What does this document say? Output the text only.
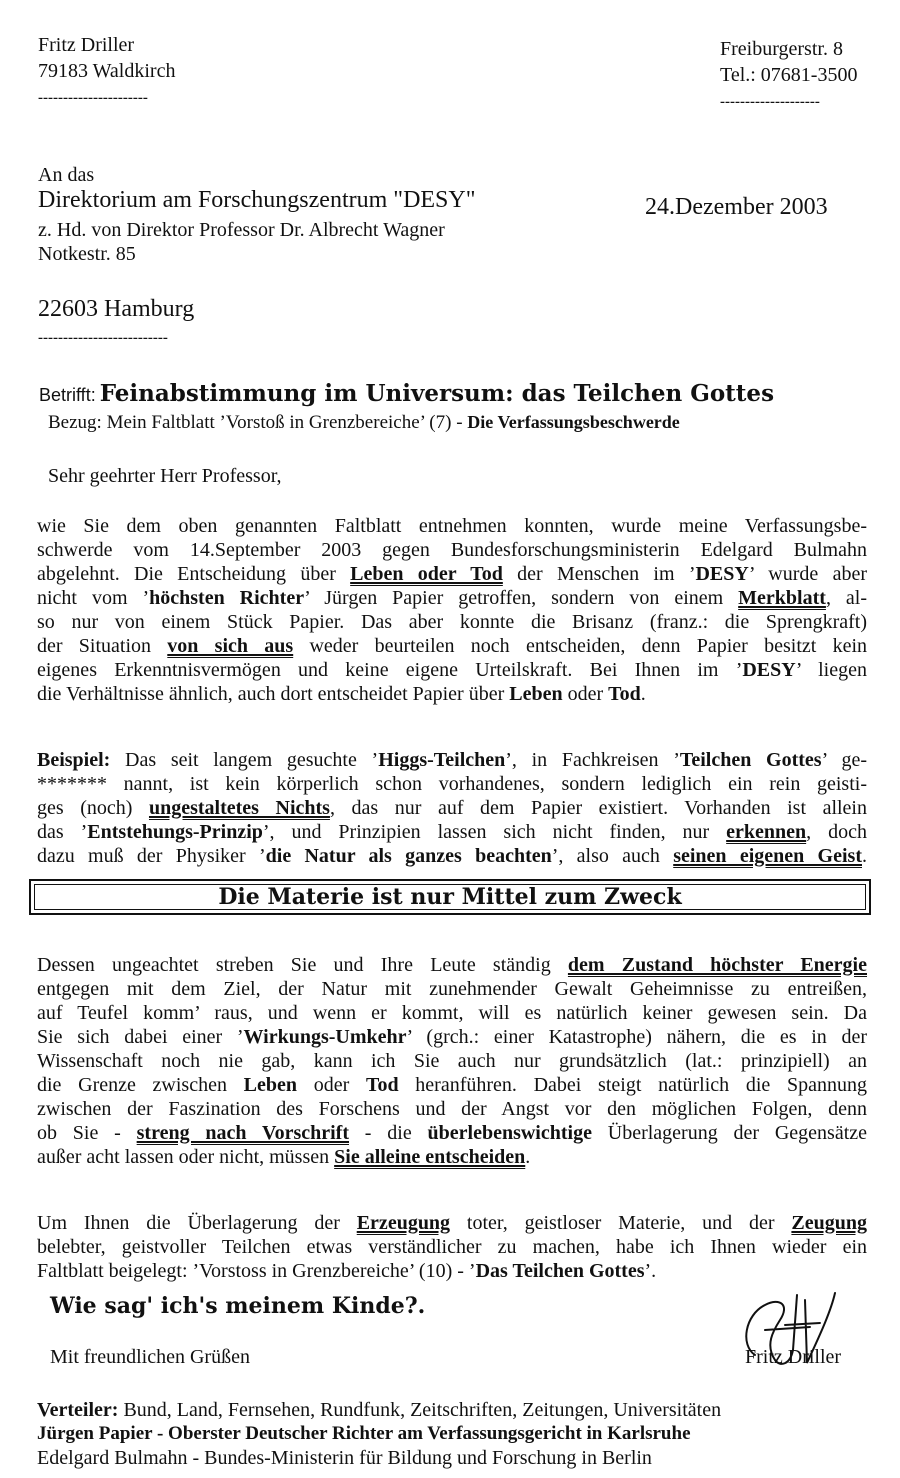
Fritz Driller
79183 Waldkirch
----------------------
Freiburgerstr. 8
Tel.: 07681-3500
--------------------
An das
Direktorium am Forschungszentrum "DESY"
z. Hd. von Direktor Professor Dr. Albrecht Wagner
Notkestr. 85
22603 Hamburg
--------------------------
24.Dezember 2003
Betrifft: Feinabstimmung im Universum: das Teilchen Gottes
Bezug: Mein Faltblatt ’Vorstoß in Grenzbereiche’ (7) - Die Verfassungsbeschwerde
Sehr geehrter Herr Professor,
wie Sie dem oben genannten Faltblatt entnehmen konnten, wurde meine Verfassungsbe-
schwerde vom 14.September 2003 gegen Bundesforschungsministerin Edelgard Bulmahn
abgelehnt. Die Entscheidung über Leben oder Tod der Menschen im ’DESY’ wurde aber
nicht vom ’höchsten Richter’ Jürgen Papier getroffen, sondern von einem Merkblatt, al-
so nur von einem Stück Papier. Das aber konnte die Brisanz (franz.: die Sprengkraft)
der Situation von sich aus weder beurteilen noch entscheiden, denn Papier besitzt kein
eigenes Erkenntnisvermögen und keine eigene Urteilskraft. Bei Ihnen im ’DESY’ liegen
die Verhältnisse ähnlich, auch dort entscheidet Papier über Leben oder Tod.
Beispiel: Das seit langem gesuchte ’Higgs-Teilchen’, in Fachkreisen ’Teilchen Gottes’ ge-
******* nannt, ist kein körperlich schon vorhandenes, sondern lediglich ein rein geisti-
ges (noch) ungestaltetes Nichts, das nur auf dem Papier existiert. Vorhanden ist allein
das ’Entstehungs-Prinzip’, und Prinzipien lassen sich nicht finden, nur erkennen, doch
dazu muß der Physiker ’die Natur als ganzes beachten’, also auch seinen eigenen Geist.
Die Materie ist nur Mittel zum Zweck
Dessen ungeachtet streben Sie und Ihre Leute ständig dem Zustand höchster Energie
entgegen mit dem Ziel, der Natur mit zunehmender Gewalt Geheimnisse zu entreißen,
auf Teufel komm’ raus, und wenn er kommt, will es natürlich keiner gewesen sein. Da
Sie sich dabei einer ’Wirkungs-Umkehr’ (grch.: einer Katastrophe) nähern, die es in der
Wissenschaft noch nie gab, kann ich Sie auch nur grundsätzlich (lat.: prinzipiell) an
die Grenze zwischen Leben oder Tod heranführen. Dabei steigt natürlich die Spannung
zwischen der Faszination des Forschens und der Angst vor den möglichen Folgen, denn
ob Sie - streng nach Vorschrift - die überlebenswichtige Überlagerung der Gegensätze
außer acht lassen oder nicht, müssen Sie alleine entscheiden.
Um Ihnen die Überlagerung der Erzeugung toter, geistloser Materie, und der Zeugung
belebter, geistvoller Teilchen etwas verständlicher zu machen, habe ich Ihnen wieder ein
Faltblatt beigelegt: ’Vorstoss in Grenzbereiche’ (10) - ’Das Teilchen Gottes’.
Wie sag' ich's meinem Kinde?.
Mit freundlichen Grüßen	Fritz Driller
Verteiler: Bund, Land, Fernsehen, Rundfunk, Zeitschriften, Zeitungen, Universitäten
Jürgen Papier - Oberster Deutscher Richter am Verfassungsgericht in Karlsruhe
Edelgard Bulmahn - Bundes-Ministerin für Bildung und Forschung in Berlin
